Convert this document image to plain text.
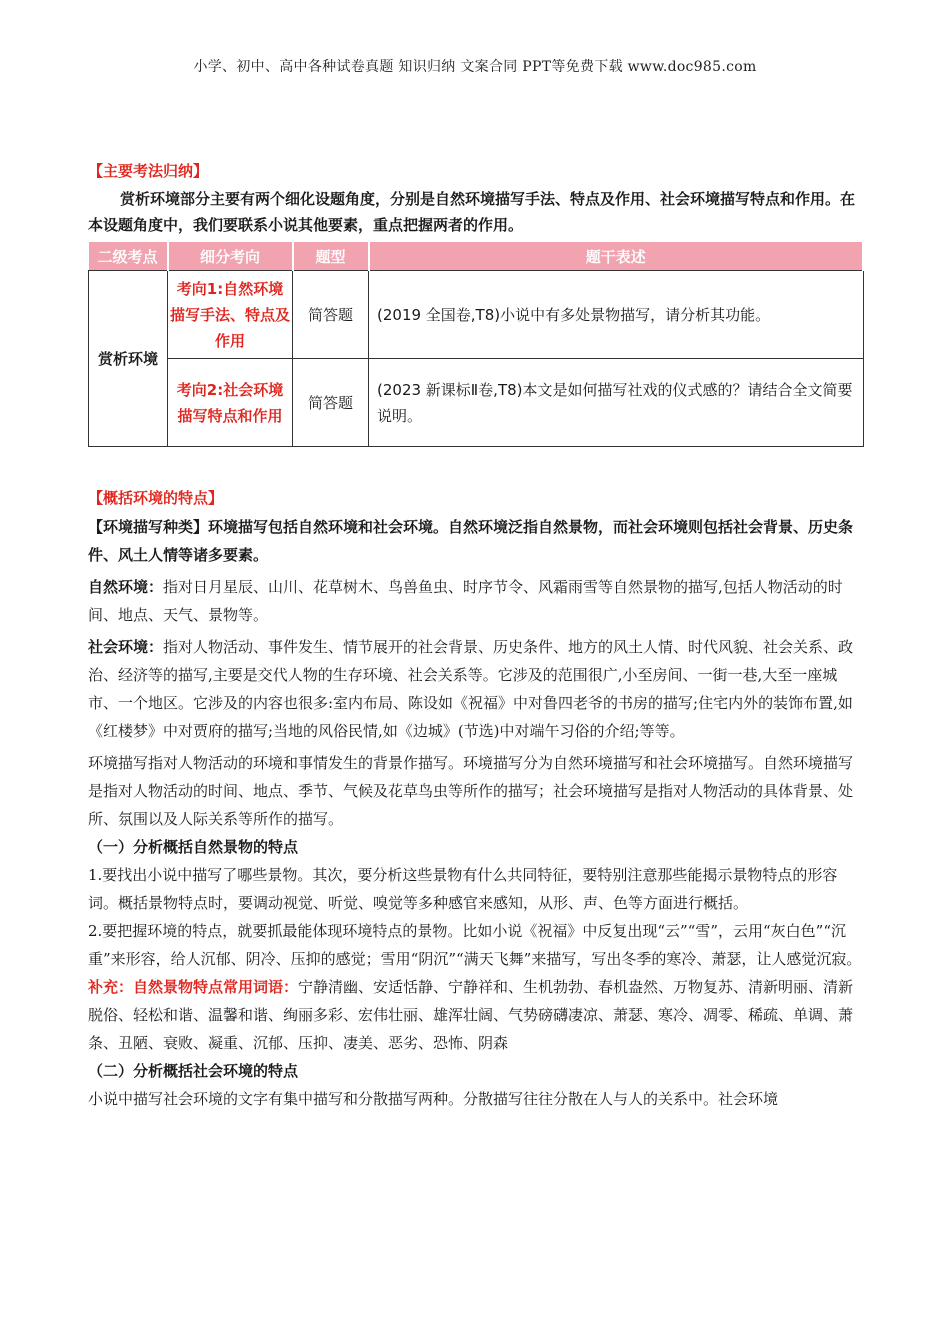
小学、初中、高中各种试卷真题 知识归纳 文案合同 PPT等免费下载 www.doc985.com
【主要考法归纳】
赏析环境部分主要有两个细化设题角度，分别是自然环境描写手法、特点及作用、社会环境描写特点和作用。在本设题角度中，我们要联系小说其他要素，重点把握两者的作用。
二级考点	细分考向	题型	题干表述
赏析环境	考向1:自然环境描写手法、特点及作用	简答题	(2019 全国卷,T8)小说中有多处景物描写，请分析其功能。
	考向2:社会环境描写特点和作用	简答题	(2023 新课标Ⅱ卷,T8)本文是如何描写社戏的仪式感的？请结合全文简要说明。
【概括环境的特点】

【环境描写种类】环境描写包括自然环境和社会环境。自然环境泛指自然景物，而社会环境则包括社会背景、历史条件、风土人情等诸多要素。

自然环境：指对日月星辰、山川、花草树木、鸟兽鱼虫、时序节令、风霜雨雪等自然景物的描写,包括人物活动的时间、地点、天气、景物等。

社会环境：指对人物活动、事件发生、情节展开的社会背景、历史条件、地方的风土人情、时代风貌、社会关系、政治、经济等的描写,主要是交代人物的生存环境、社会关系等。它涉及的范围很广,小至房间、一街一巷,大至一座城市、一个地区。它涉及的内容也很多:室内布局、陈设如《祝福》中对鲁四老爷的书房的描写;住宅内外的装饰布置,如《红楼梦》中对贾府的描写;当地的风俗民情,如《边城》(节选)中对端午习俗的介绍;等等。

环境描写指对人物活动的环境和事情发生的背景作描写。环境描写分为自然环境描写和社会环境描写。自然环境描写是指对人物活动的时间、地点、季节、气候及花草鸟虫等所作的描写；社会环境描写是指对人物活动的具体背景、处所、氛围以及人际关系等所作的描写。

（一）分析概括自然景物的特点

1.要找出小说中描写了哪些景物。其次，要分析这些景物有什么共同特征，要特别注意那些能揭示景物特点的形容词。概括景物特点时，要调动视觉、听觉、嗅觉等多种感官来感知，从形、声、色等方面进行概括。

2.要把握环境的特点，就要抓最能体现环境特点的景物。比如小说《祝福》中反复出现“云”“雪”，云用“灰白色”“沉重”来形容，给人沉郁、阴冷、压抑的感觉；雪用“阴沉”“满天飞舞”来描写，写出冬季的寒冷、萧瑟，让人感觉沉寂。

补充：自然景物特点常用词语：宁静清幽、安适恬静、宁静祥和、生机勃勃、春机盎然、万物复苏、清新明丽、清新脱俗、轻松和谐、温馨和谐、绚丽多彩、宏伟壮丽、雄浑壮阔、气势磅礴凄凉、萧瑟、寒冷、凋零、稀疏、单调、萧条、丑陋、衰败、凝重、沉郁、压抑、凄美、恶劣、恐怖、阴森

（二）分析概括社会环境的特点

小说中描写社会环境的文字有集中描写和分散描写两种。分散描写往往分散在人与人的关系中。社会环境
